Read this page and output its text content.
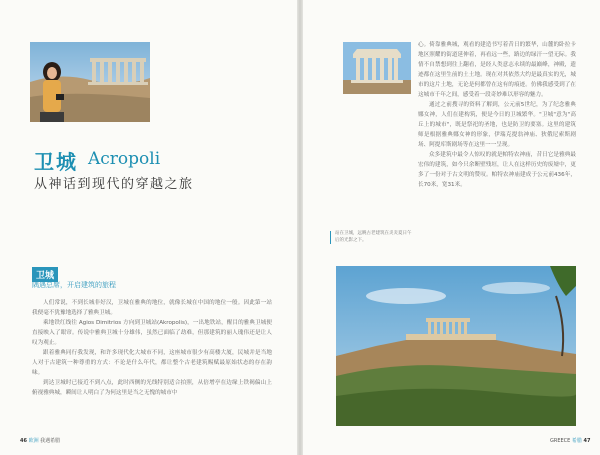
卫城 Acropoli
从神话到现代的穿越之旅
卫城
隅遇总席，开启建筑的旅程

人们常说，不到长城非好汉，卫城在雅典的地位，就像长城在中国的地位一般。因此第一站我便毫不犹豫地选择了雅典卫城。

乘地铁红线往 Agios Dimitrios 方向到卫城站(Akropolis)，一出地铁站，醒目的雅典卫城便直接映入了眼帘。传说中雅典卫城十分雄伟，虽然已面临了劫难，但那建筑的丽人瑰伟还是让人叹为观止。

跟着雅典同行我发现，和许多现代化大城市不同，这座城市很少有高楼大厦，民城并是当地人对于古建筑一种尊重的方式：不论是什么年代，都让整个古老建筑赐赋最原始状态的存在韵味。

到达卫城时已接近不到八点，此时西侧的光线特别适合拍照，从倍增亭在边缘上铁褐偏山上俯视雅典城，瞬间让人明白了为何这里是当之无愧的城市中

46 欧洲 我遇希腊

心。倚靠雅典城，观看的建造书写着昔日的繁华，山麓的卧拉卡地区照耀的街道延伸着，再看远一些，路边的绿汗一望无际。我情不自禁想到往上翻看，是经人类意志永续的最巅峰，神殿，遗迹都在这里生前的土土地。现在对其依然大约是最真实的光，城市的这片土地，无论是何都曾在这有的痕迹。仿佛我感受到了在这城市千年之间，感受着一段奇妙难以形容的魅力。

通过之前搜寻的资料了解到，公元前5世纪，为了纪念雅典娜女神，人们在建构筑，便是今日的卫城繁华。"卫城"意为"高丘上的城市"，既是祭祀的圣地，也是防卫的要塞。这里的建筑师是根据雅典娜女神的形象，伊瑞克提翁神庙、狄俄尼索斯剧场、阿提库斯剧场等在这里一一呈现。

众多建筑中最令人惊叹的就是帕特农神庙，昔日它是雅典最宏伟的建筑，如今只余断壁残垣，让人在这样历史的废墟中，更多了一份对于古文明的赞叹。帕特农神庙建成于公元前436年，长70米，宽31米。

GREECE 希腊 47
站在卫城，远眺古老建筑在炎炎夏日午后的光影之下。
